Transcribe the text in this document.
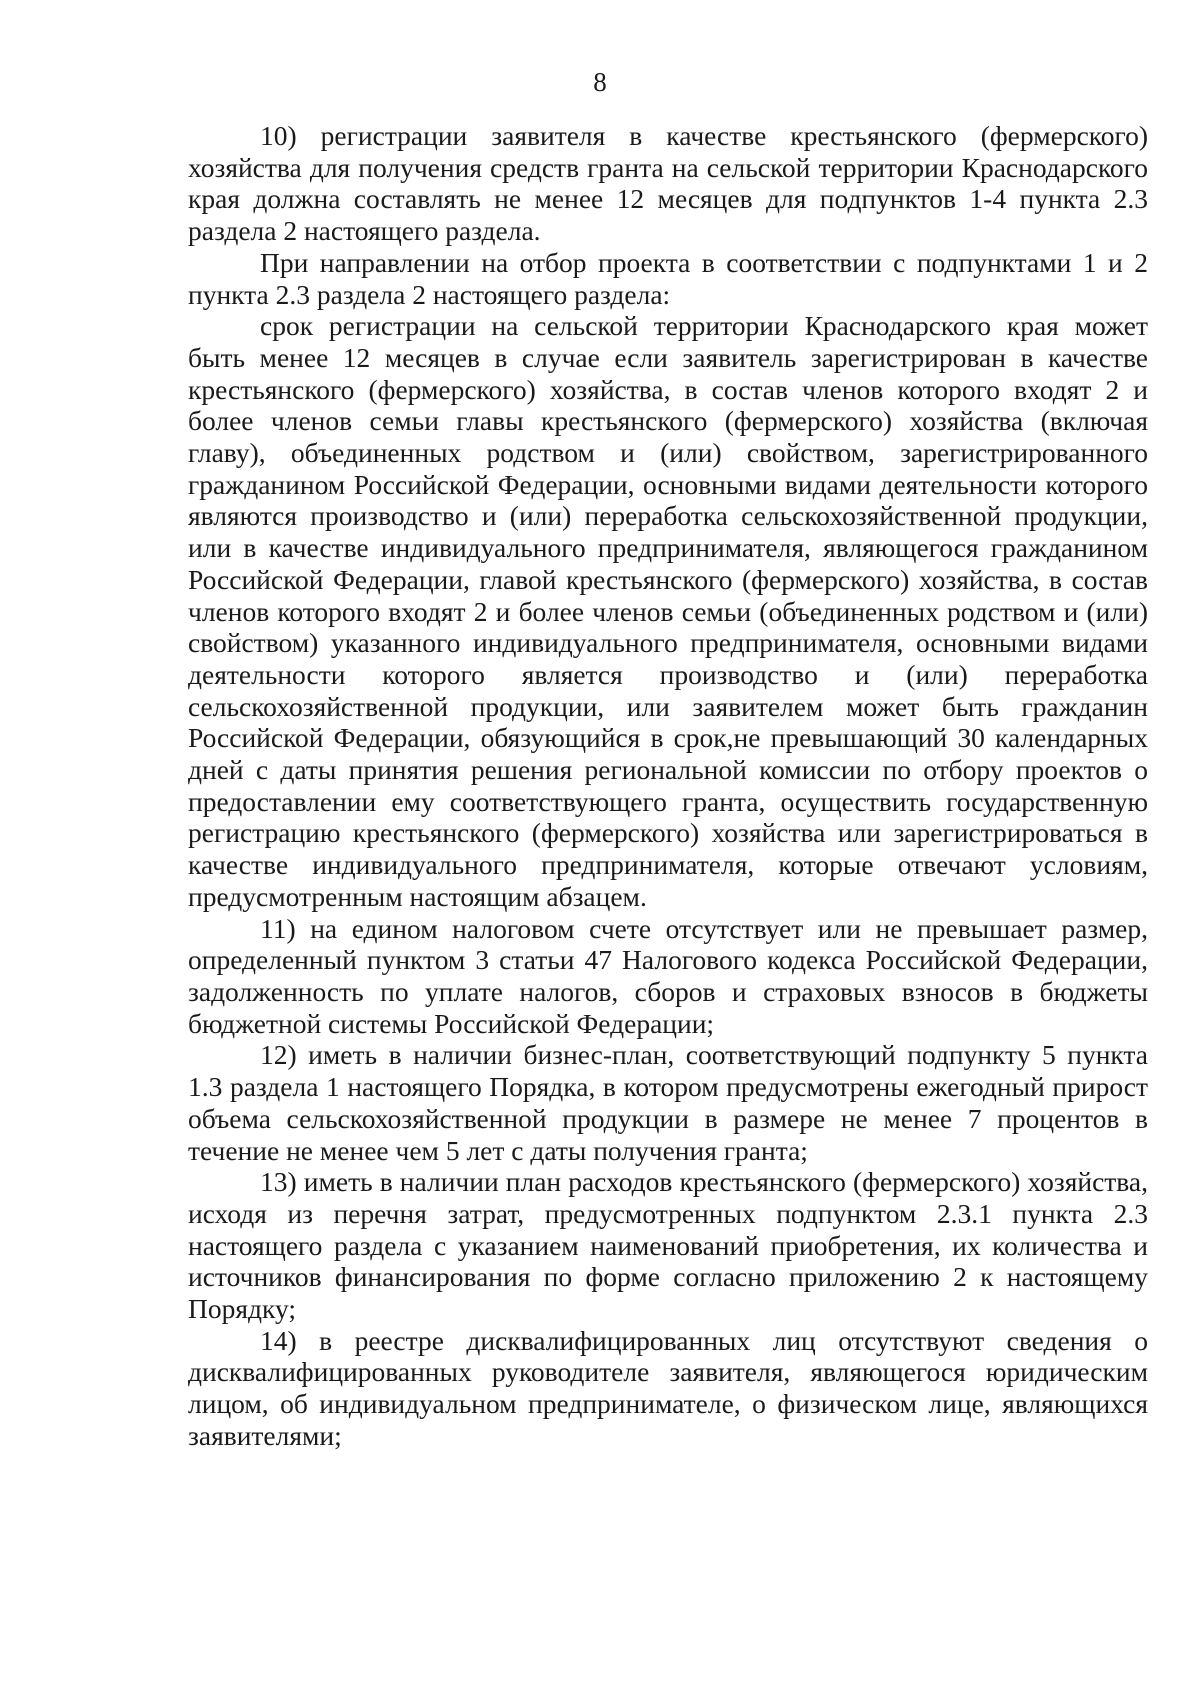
8

10) регистрации заявителя в качестве крестьянского (фермерского) хозяйства для получения средств гранта на сельской территории Краснодарского края должна составлять не менее 12 месяцев для подпунктов 1-4 пункта 2.3 раздела 2 настоящего раздела.

При направлении на отбор проекта в соответствии с подпунктами 1 и 2 пункта 2.3 раздела 2 настоящего раздела:

срок регистрации на сельской территории Краснодарского края может быть менее 12 месяцев в случае если заявитель зарегистрирован в качестве крестьянского (фермерского) хозяйства, в состав членов которого входят 2 и более членов семьи главы крестьянского (фермерского) хозяйства (включая главу), объединенных родством и (или) свойством, зарегистрированного гражданином Российской Федерации, основными видами деятельности которого являются производство и (или) переработка сельскохозяйственной продукции, или в качестве индивидуального предпринимателя, являющегося гражданином Российской Федерации, главой крестьянского (фермерского) хозяйства, в состав членов которого входят 2 и более членов семьи (объединенных родством и (или) свойством) указанного индивидуального предпринимателя, основными видами деятельности которого является производство и (или) переработка сельскохозяйственной продукции, или заявителем может быть гражданин Российской Федерации, обязующийся в срок,не превышающий 30 календарных дней с даты принятия решения региональной комиссии по отбору проектов о предоставлении ему соответствующего гранта, осуществить государственную регистрацию крестьянского (фермерского) хозяйства или зарегистрироваться в качестве индивидуального предпринимателя, которые отвечают условиям, предусмотренным настоящим абзацем.

11) на едином налоговом счете отсутствует или не превышает размер, определенный пунктом 3 статьи 47 Налогового кодекса Российской Федерации, задолженность по уплате налогов, сборов и страховых взносов в бюджеты бюджетной системы Российской Федерации;

12) иметь в наличии бизнес-план, соответствующий подпункту 5 пункта 1.3 раздела 1 настоящего Порядка, в котором предусмотрены ежегодный прирост объема сельскохозяйственной продукции в размере не менее 7 процентов в течение не менее чем 5 лет с даты получения гранта;

13) иметь в наличии план расходов крестьянского (фермерского) хозяйства, исходя из перечня затрат, предусмотренных подпунктом 2.3.1 пункта 2.3 настоящего раздела с указанием наименований приобретения, их количества и источников финансирования по форме согласно приложению 2 к настоящему Порядку;

14) в реестре дисквалифицированных лиц отсутствуют сведения о дисквалифицированных руководителе заявителя, являющегося юридическим лицом, об индивидуальном предпринимателе, о физическом лице, являющихся заявителями;
